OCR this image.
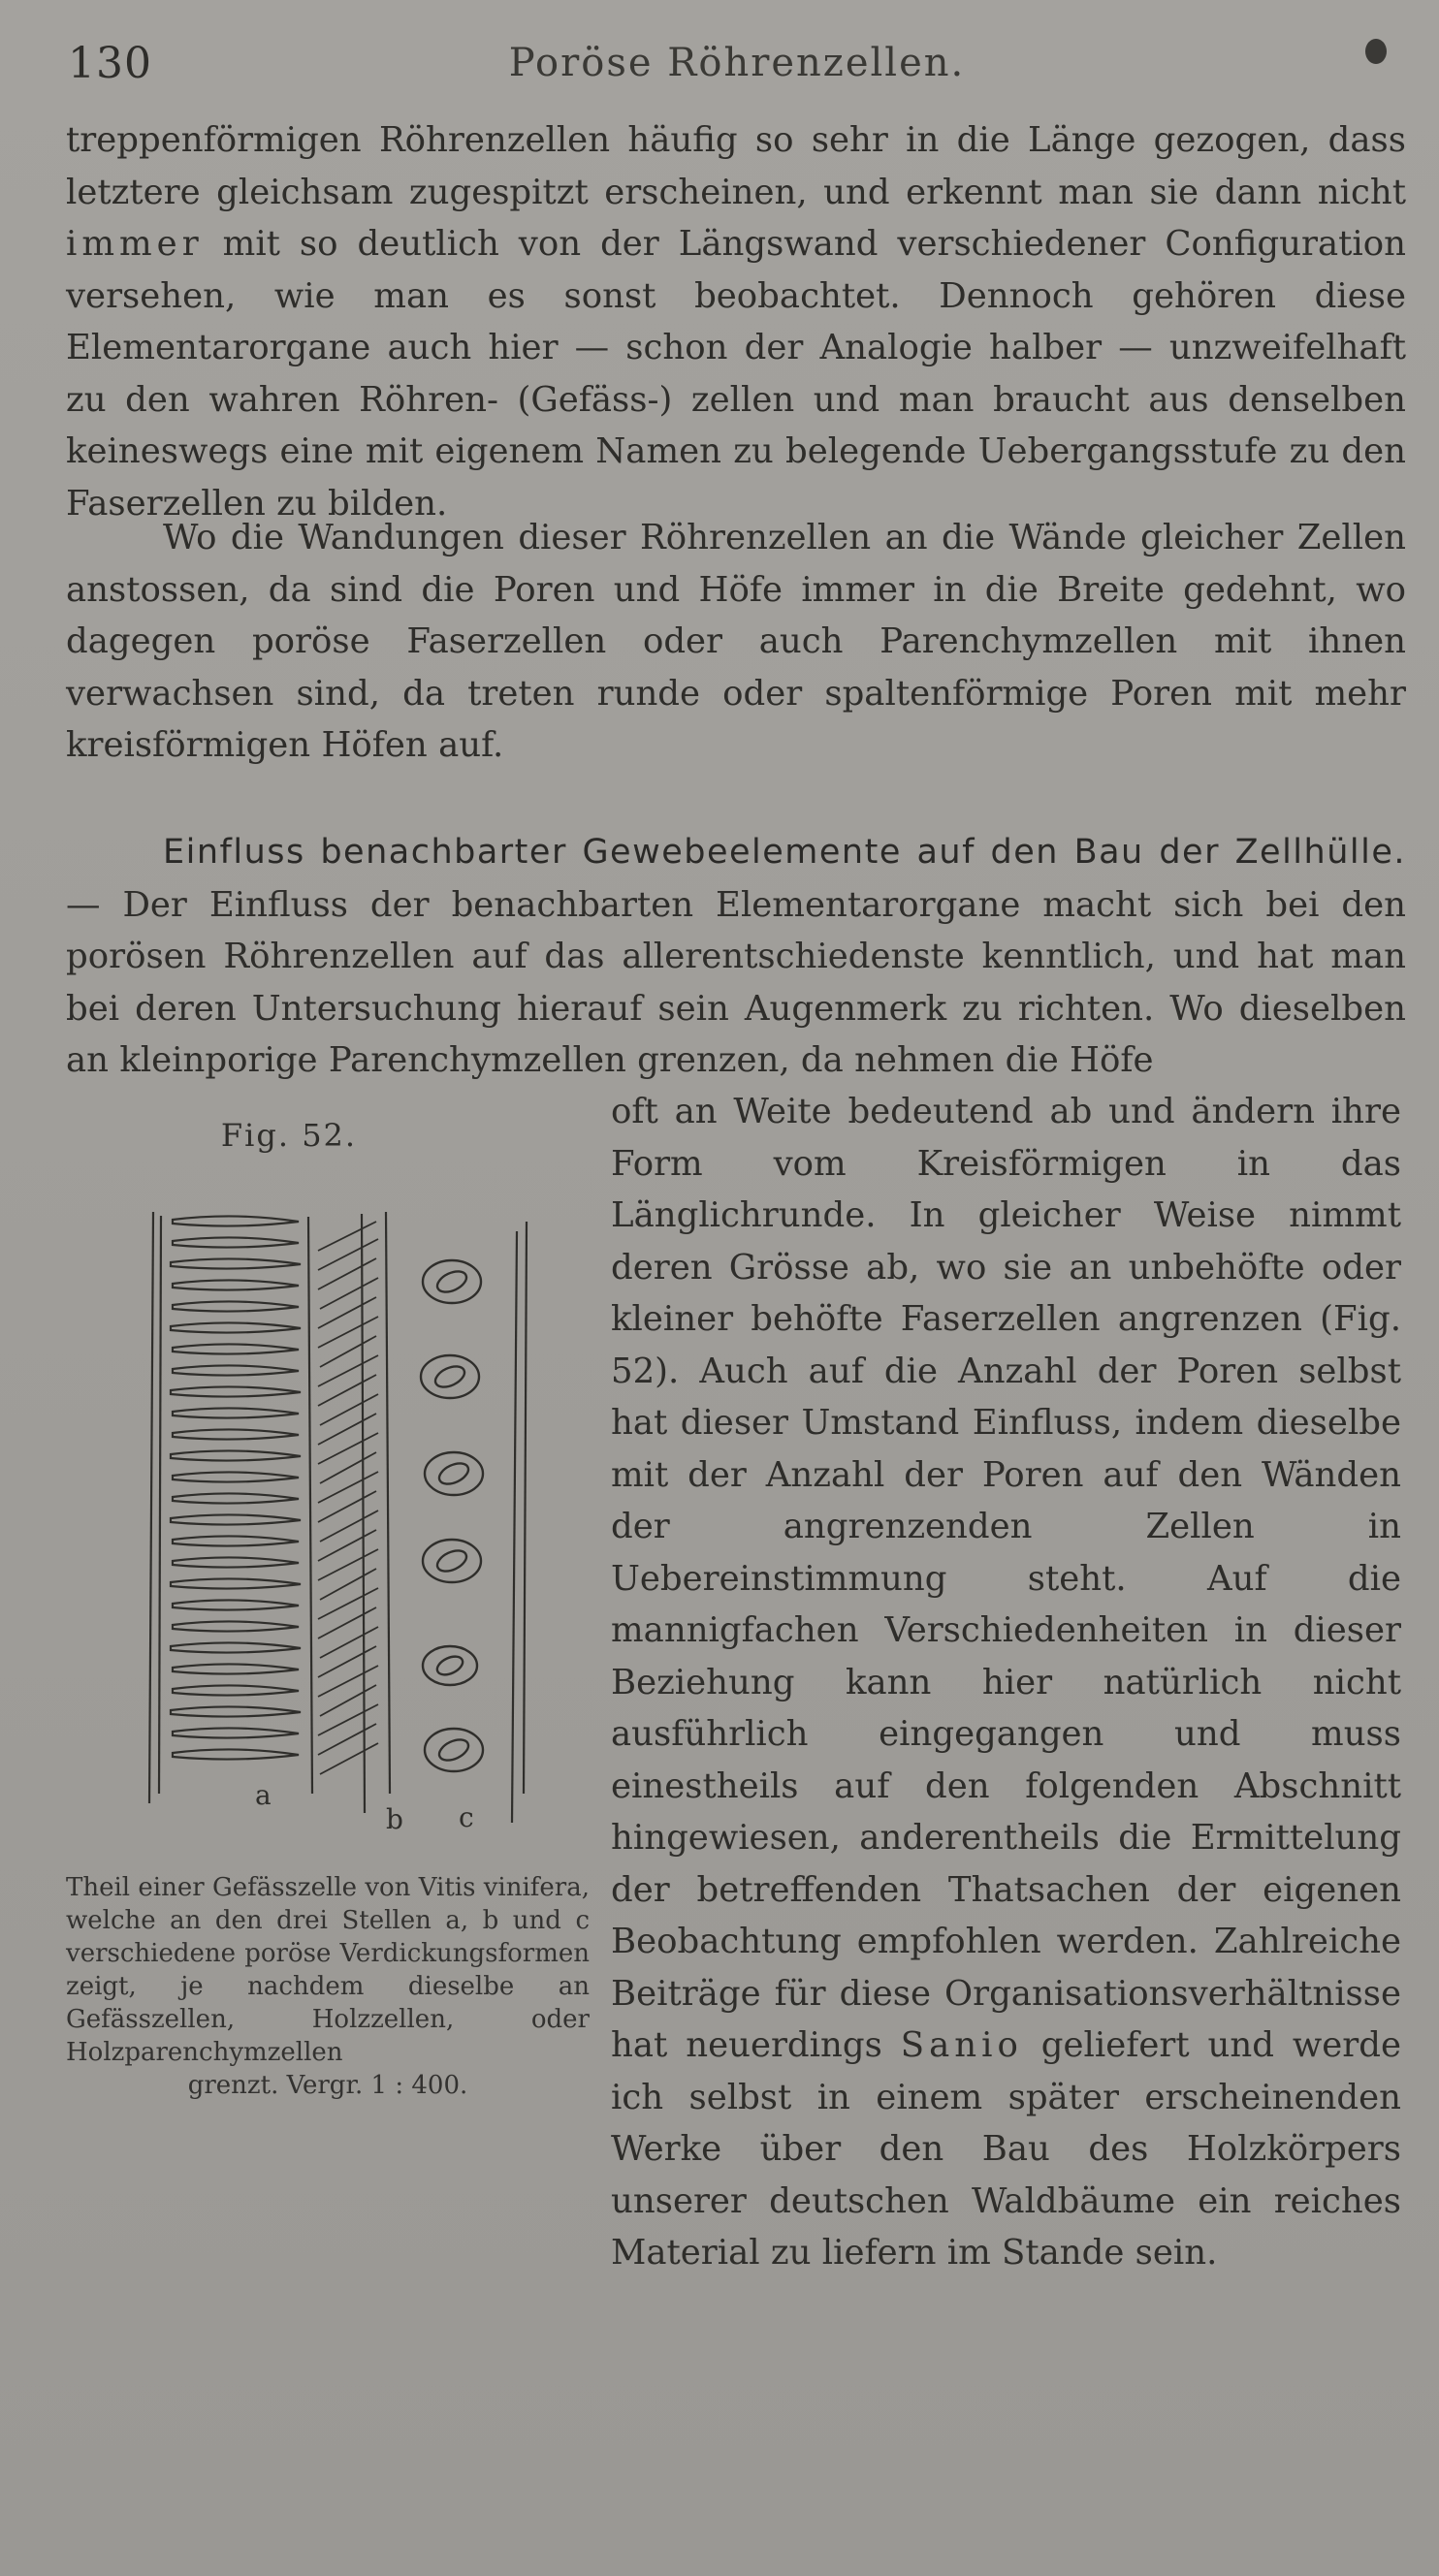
130	Poröse Röhrenzellen.

treppenförmigen Röhrenzellen häufig so sehr in die Länge gezogen, dass letztere gleichsam zugespitzt erscheinen, und erkennt man sie dann nicht immer mit so deutlich von der Längswand verschiedener Configuration versehen, wie man es sonst beobachtet. Dennoch gehören diese Elementarorgane auch hier — schon der Analogie halber — unzweifelhaft zu den wahren Röhren- (Gefäss-) zellen und man braucht aus denselben keineswegs eine mit eigenem Namen zu belegende Uebergangsstufe zu den Faserzellen zu bilden.

Wo die Wandungen dieser Röhrenzellen an die Wände gleicher Zellen anstossen, da sind die Poren und Höfe immer in die Breite gedehnt, wo dagegen poröse Faserzellen oder auch Parenchymzellen mit ihnen verwachsen sind, da treten runde oder spaltenförmige Poren mit mehr kreisförmigen Höfen auf.

Einfluss benachbarter Gewebeelemente auf den Bau der Zellhülle. — Der Einfluss der benachbarten Elementarorgane macht sich bei den porösen Röhrenzellen auf das allerentschiedenste kenntlich, und hat man bei deren Untersuchung hierauf sein Augenmerk zu richten. Wo dieselben an kleinporige Parenchymzellen grenzen, da nehmen die Höfe

Fig. 52.
a
b c
Theil einer Gefässzelle von Vitis vinifera, welche an den drei Stellen a, b und c verschiedene poröse Verdickungsformen zeigt, je nachdem dieselbe an Gefässzellen, Holzzellen, oder Holzparenchymzellen
grenzt. Vergr. 1 : 400.

oft an Weite bedeutend ab und ändern ihre Form vom Kreisförmigen in das Länglichrunde. In gleicher Weise nimmt deren Grösse ab, wo sie an unbehöfte oder kleiner behöfte Faserzellen angrenzen (Fig. 52). Auch auf die Anzahl der Poren selbst hat dieser Umstand Einfluss, indem dieselbe mit der Anzahl der Poren auf den Wänden der angrenzenden Zellen in Uebereinstimmung steht. Auf die mannigfachen Verschiedenheiten in dieser Beziehung kann hier natürlich nicht ausführlich eingegangen und muss einestheils auf den folgenden Abschnitt hingewiesen, anderentheils die Ermittelung der betreffenden Thatsachen der eigenen Beobachtung empfohlen werden. Zahlreiche Beiträge für diese Organisationsverhältnisse hat neuerdings Sanio geliefert und werde ich selbst in einem später erscheinenden Werke über den Bau des Holzkörpers unserer deutschen Waldbäume ein reiches Material zu liefern im Stande sein.
